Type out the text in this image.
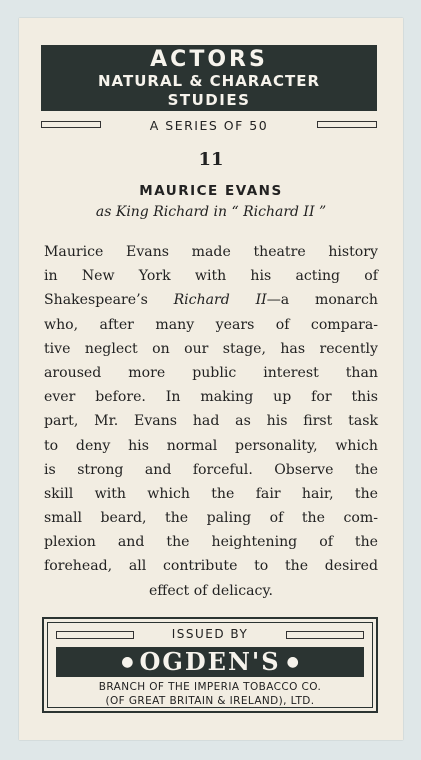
ACTORS
NATURAL & CHARACTER
STUDIES
A SERIES OF 50
11
MAURICE EVANS
as King Richard in “ Richard II ”
Maurice Evans made theatre history
in New York with his acting of
Shakespeare’s Richard II—a monarch
who, after many years of compara-
tive neglect on our stage, has recently
aroused more public interest than
ever before. In making up for this
part, Mr. Evans had as his first task
to deny his normal personality, which
is strong and forceful. Observe the
skill with which the fair hair, the
small beard, the paling of the com-
plexion and the heightening of the
forehead, all contribute to the desired
effect of delicacy.
ISSUED BY
● OGDEN'S ●
BRANCH OF THE IMPERIA TOBACCO CO.
(OF GREAT BRITAIN & IRELAND), LTD.
